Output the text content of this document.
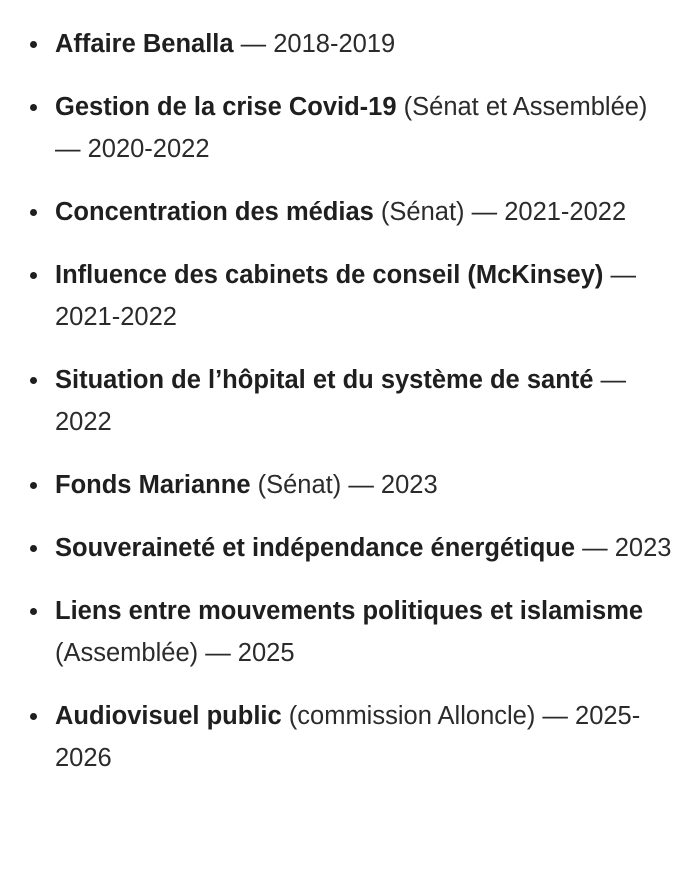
Affaire Benalla — 2018-2019
Gestion de la crise Covid-19 (Sénat et Assemblée) — 2020-2022
Concentration des médias (Sénat) — 2021-2022
Influence des cabinets de conseil (McKinsey) — 2021-2022
Situation de l’hôpital et du système de santé — 2022
Fonds Marianne (Sénat) — 2023
Souveraineté et indépendance énergétique — 2023
Liens entre mouvements politiques et islamisme (Assemblée) — 2025
Audiovisuel public (commission Alloncle) — 2025-2026
